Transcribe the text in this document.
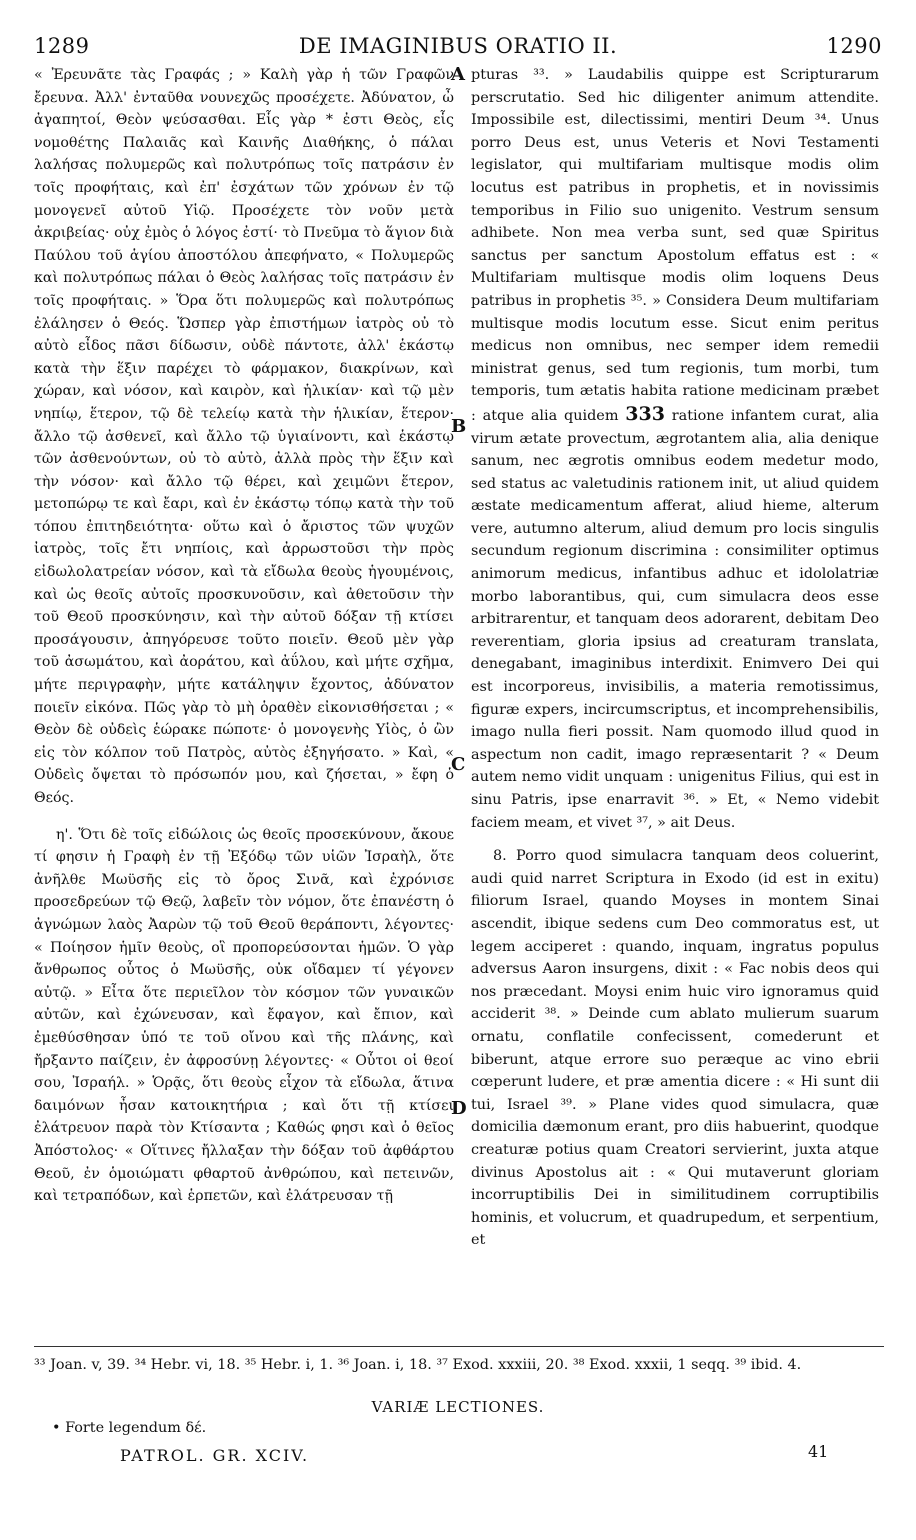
1289	DE IMAGINIBUS ORATIO II.	1290

« Ἐρευνᾶτε τὰς Γραφάς ; » Καλὴ γὰρ ἡ τῶν Γραφῶν ἔρευνα. Ἀλλ' ἐνταῦθα νουνεχῶς προσέχετε. Ἀδύνατον, ὦ ἀγαπητοί, Θεὸν ψεύσασθαι. Εἷς γὰρ * ἐστι Θεὸς, εἷς νομοθέτης Παλαιᾶς καὶ Καινῆς Διαθήκης, ὁ πάλαι λαλήσας πολυμερῶς καὶ πολυτρόπως τοῖς πατράσιν ἐν τοῖς προφήταις, καὶ ἐπ' ἐσχάτων τῶν χρόνων ἐν τῷ μονογενεῖ αὐτοῦ Υἱῷ. Προσέχετε τὸν νοῦν μετὰ ἀκριβείας· οὐχ ἐμὸς ὁ λόγος ἐστί· τὸ Πνεῦμα τὸ ἅγιον διὰ Παύλου τοῦ ἁγίου ἀποστόλου ἀπεφήνατο, « Πολυμερῶς καὶ πολυτρόπως πάλαι ὁ Θεὸς λαλήσας τοῖς πατράσιν ἐν τοῖς προφήταις. » Ὅρα ὅτι πολυμερῶς καὶ πολυτρόπως ἐλάλησεν ὁ Θεός. Ὥσπερ γὰρ ἐπιστήμων ἰατρὸς οὐ τὸ αὐτὸ εἶδος πᾶσι δίδωσιν, οὐδὲ πάντοτε, ἀλλ' ἑκάστῳ κατὰ τὴν ἕξιν παρέχει τὸ φάρμακον, διακρίνων, καὶ χώραν, καὶ νόσον, καὶ καιρὸν, καὶ ἡλικίαν· καὶ τῷ μὲν νηπίῳ, ἕτερον, τῷ δὲ τελείῳ κατὰ τὴν ἡλικίαν, ἕτερον· ἄλλο τῷ ἀσθενεῖ, καὶ ἄλλο τῷ ὑγιαίνοντι, καὶ ἑκάστῳ τῶν ἀσθενούντων, οὐ τὸ αὐτὸ, ἀλλὰ πρὸς τὴν ἕξιν καὶ τὴν νόσον· καὶ ἄλλο τῷ θέρει, καὶ χειμῶνι ἕτερον, μετοπώρῳ τε καὶ ἔαρι, καὶ ἐν ἑκάστῳ τόπῳ κατὰ τὴν τοῦ τόπου ἐπιτηδειότητα· οὕτω καὶ ὁ ἄριστος τῶν ψυχῶν ἰατρὸς, τοῖς ἔτι νηπίοις, καὶ ἀρρωστοῦσι τὴν πρὸς εἰδωλολατρείαν νόσον, καὶ τὰ εἴδωλα θεοὺς ἡγουμένοις, καὶ ὡς θεοῖς αὐτοῖς προσκυνοῦσιν, καὶ ἀθετοῦσιν τὴν τοῦ Θεοῦ προσκύνησιν, καὶ τὴν αὐτοῦ δόξαν τῇ κτίσει προσάγουσιν, ἀπηγόρευσε τοῦτο ποιεῖν. Θεοῦ μὲν γὰρ τοῦ ἀσωμάτου, καὶ ἀοράτου, καὶ ἀΰλου, καὶ μήτε σχῆμα, μήτε περιγραφὴν, μήτε κατάληψιν ἔχοντος, ἀδύνατον ποιεῖν εἰκόνα. Πῶς γὰρ τὸ μὴ ὁραθὲν εἰκονισθήσεται ; « Θεὸν δὲ οὐδεὶς ἑώρακε πώποτε· ὁ μονογενὴς Υἱὸς, ὁ ὢν εἰς τὸν κόλπον τοῦ Πατρὸς, αὐτὸς ἐξηγήσατο. » Καὶ, « Οὐδεὶς ὄψεται τὸ πρόσωπόν μου, καὶ ζήσεται, » ἔφη ὁ Θεός.

η'. Ὅτι δὲ τοῖς εἰδώλοις ὡς θεοῖς προσεκύνουν, ἄκουε τί φησιν ἡ Γραφὴ ἐν τῇ Ἐξόδῳ τῶν υἱῶν Ἰσραὴλ, ὅτε ἀνῆλθε Μωϋσῆς εἰς τὸ ὄρος Σινᾶ, καὶ ἐχρόνισε προσεδρεύων τῷ Θεῷ, λαβεῖν τὸν νόμον, ὅτε ἐπανέστη ὁ ἀγνώμων λαὸς Ἀαρὼν τῷ τοῦ Θεοῦ θεράποντι, λέγοντες· « Ποίησον ἡμῖν θεοὺς, οἳ προπορεύσονται ἡμῶν. Ὁ γὰρ ἄνθρωπος οὗτος ὁ Μωϋσῆς, οὐκ οἴδαμεν τί γέγονεν αὐτῷ. » Εἶτα ὅτε περιεῖλον τὸν κόσμον τῶν γυναικῶν αὐτῶν, καὶ ἐχώνευσαν, καὶ ἔφαγον, καὶ ἔπιον, καὶ ἐμεθύσθησαν ὑπό τε τοῦ οἴνου καὶ τῆς πλάνης, καὶ ἤρξαντο παίζειν, ἐν ἀφροσύνῃ λέγοντες· « Οὗτοι οἱ θεοί σου, Ἰσραήλ. » Ὁρᾷς, ὅτι θεοὺς εἶχον τὰ εἴδωλα, ἅτινα δαιμόνων ἦσαν κατοικητήρια ; καὶ ὅτι τῇ κτίσει ἐλάτρευον παρὰ τὸν Κτίσαντα ; Καθώς φησι καὶ ὁ θεῖος Ἀπόστολος· « Οἵτινες ἤλλαξαν τὴν δόξαν τοῦ ἀφθάρτου Θεοῦ, ἐν ὁμοιώματι φθαρτοῦ ἀνθρώπου, καὶ πετεινῶν, καὶ τετραπόδων, καὶ ἑρπετῶν, καὶ ἐλάτρευσαν τῇ

pturas ³³. » Laudabilis quippe est Scripturarum perscrutatio. Sed hic diligenter animum attendite. Impossibile est, dilectissimi, mentiri Deum ³⁴. Unus porro Deus est, unus Veteris et Novi Testamenti legislator, qui multifariam multisque modis olim locutus est patribus in prophetis, et in novissimis temporibus in Filio suo unigenito. Vestrum sensum adhibete. Non mea verba sunt, sed quæ Spiritus sanctus per sanctum Apostolum effatus est : « Multifariam multisque modis olim loquens Deus patribus in prophetis ³⁵. » Considera Deum multifariam multisque modis locutum esse. Sicut enim peritus medicus non omnibus, nec semper idem remedii ministrat genus, sed tum regionis, tum morbi, tum temporis, tum ætatis habita ratione medicinam præbet : atque alia quidem 333 ratione infantem curat, alia virum ætate provectum, ægrotantem alia, alia denique sanum, nec ægrotis omnibus eodem medetur modo, sed status ac valetudinis rationem init, ut aliud quidem æstate medicamentum afferat, aliud hieme, alterum vere, autumno alterum, aliud demum pro locis singulis secundum regionum discrimina : consimiliter optimus animorum medicus, infantibus adhuc et idololatriæ morbo laborantibus, qui, cum simulacra deos esse arbitrarentur, et tanquam deos adorarent, debitam Deo reverentiam, gloria ipsius ad creaturam translata, denegabant, imaginibus interdixit. Enimvero Dei qui est incorporeus, invisibilis, a materia remotissimus, figuræ expers, incircumscriptus, et incomprehensibilis, imago nulla fieri possit. Nam quomodo illud quod in aspectum non cadit, imago repræsentarit ? « Deum autem nemo vidit unquam : unigenitus Filius, qui est in sinu Patris, ipse enarravit ³⁶. » Et, « Nemo videbit faciem meam, et vivet ³⁷, » ait Deus.

8. Porro quod simulacra tanquam deos coluerint, audi quid narret Scriptura in Exodo (id est in exitu) filiorum Israel, quando Moyses in montem Sinai ascendit, ibique sedens cum Deo commoratus est, ut legem acciperet : quando, inquam, ingratus populus adversus Aaron insurgens, dixit : « Fac nobis deos qui nos præcedant. Moysi enim huic viro ignoramus quid acciderit ³⁸. » Deinde cum ablato mulierum suarum ornatu, conflatile confecissent, comederunt et biberunt, atque errore suo peræque ac vino ebrii cœperunt ludere, et præ amentia dicere : « Hi sunt dii tui, Israel ³⁹. » Plane vides quod simulacra, quæ domicilia dæmonum erant, pro diis habuerint, quodque creaturæ potius quam Creatori servierint, juxta atque divinus Apostolus ait : « Qui mutaverunt gloriam incorruptibilis Dei in similitudinem corruptibilis hominis, et volucrum, et quadrupedum, et serpentium, et

A
B
C
D
³³ Joan. v, 39. ³⁴ Hebr. vi, 18. ³⁵ Hebr. i, 1. ³⁶ Joan. i, 18. ³⁷ Exod. xxxiii, 20. ³⁸ Exod. xxxii, 1 seqq. ³⁹ ibid. 4.
VARIÆ LECTIONES.
• Forte legendum δέ.
PATROL. GR. XCIV.	41
